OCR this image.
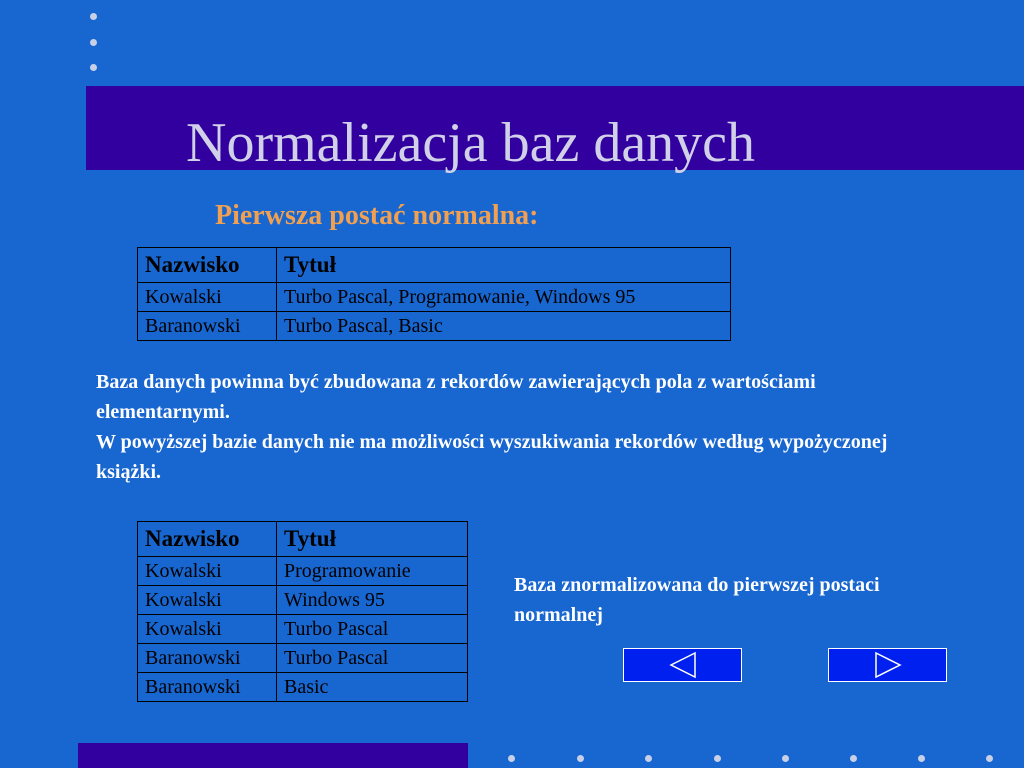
Normalizacja baz danych
Pierwsza postać normalna:
Nazwisko	Tytuł
Kowalski	Turbo Pascal, Programowanie, Windows 95
Baranowski	Turbo Pascal, Basic

Baza danych powinna być zbudowana z rekordów zawierających pola z wartościami elementarnymi.

W powyższej bazie danych nie ma możliwości wyszukiwania rekordów według wypożyczonej książki.

Nazwisko	Tytuł
Kowalski	Programowanie
Kowalski	Windows 95
Kowalski	Turbo Pascal
Baranowski	Turbo Pascal
Baranowski	Basic
Baza znormalizowana do pierwszej postaci normalnej
